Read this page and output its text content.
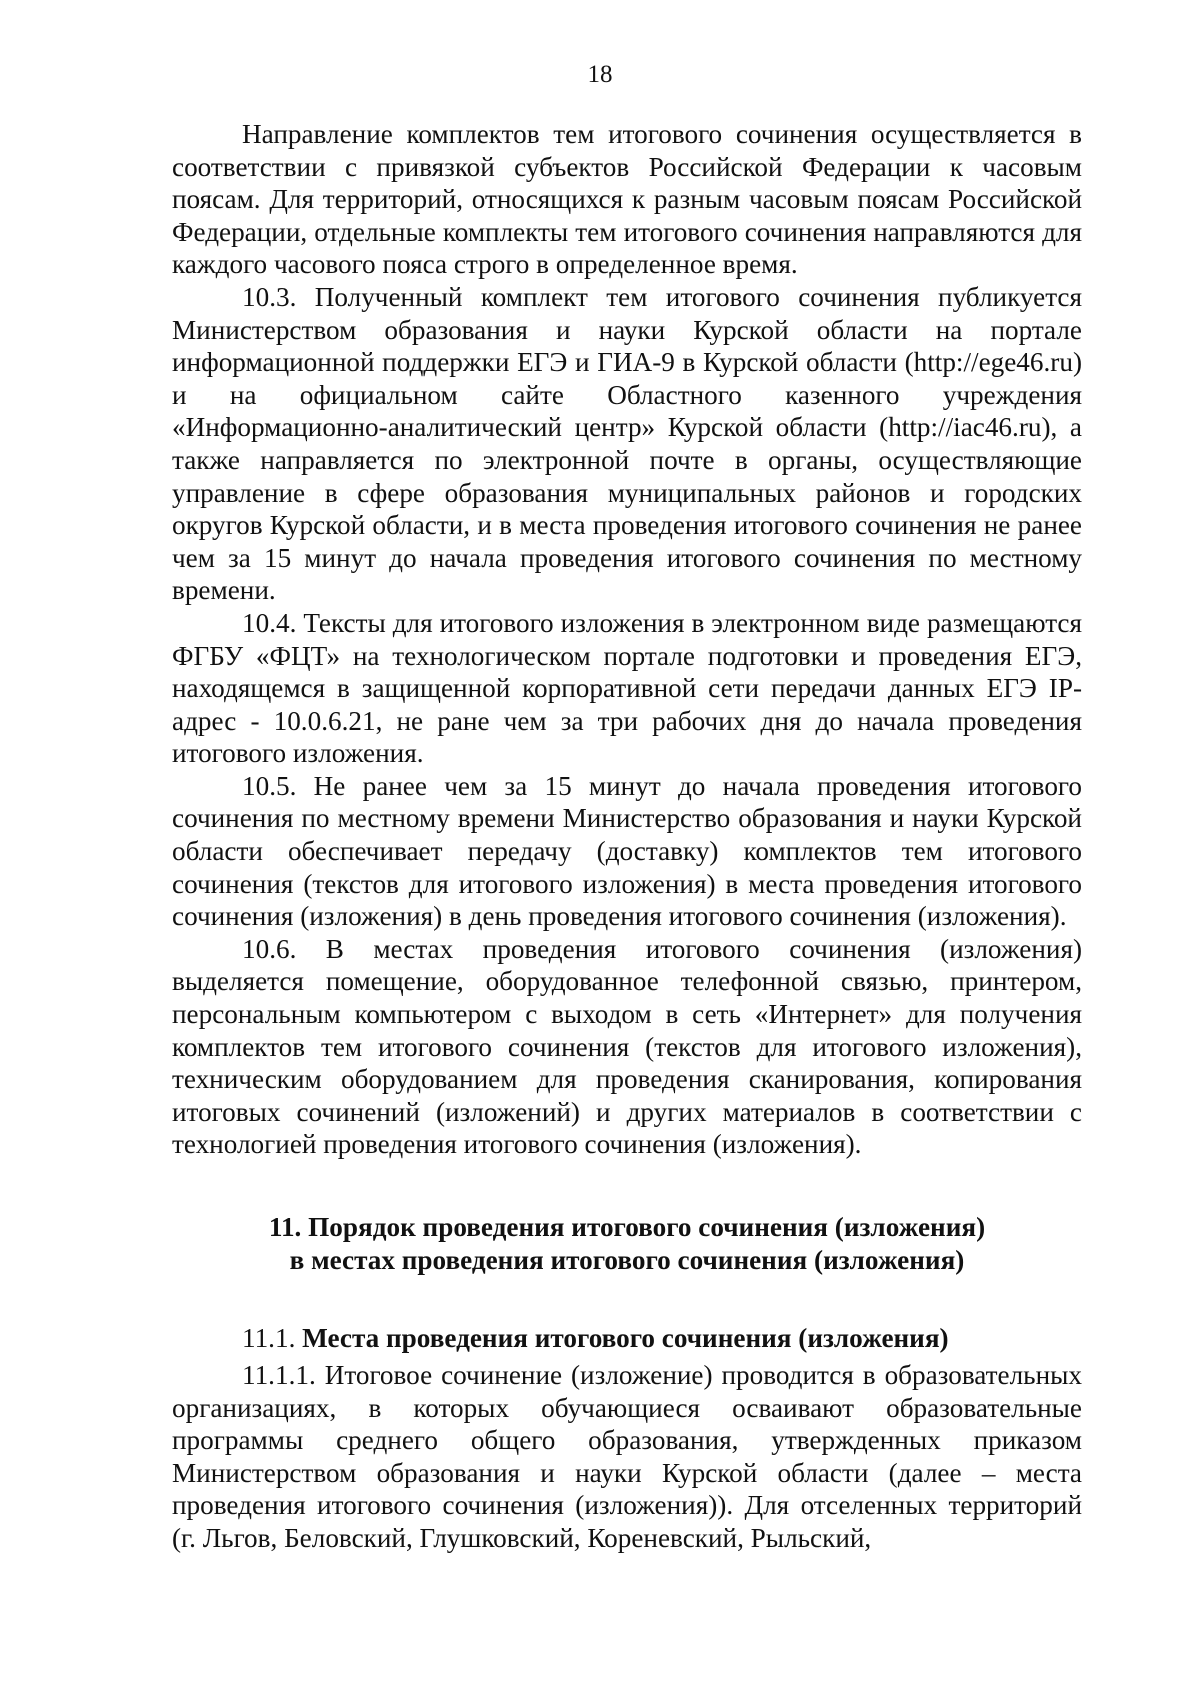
18

Направление комплектов тем итогового сочинения осуществляется в соответствии с привязкой субъектов Российской Федерации к часовым поясам. Для территорий, относящихся к разным часовым поясам Российской Федерации, отдельные комплекты тем итогового сочинения направляются для каждого часового пояса строго в определенное время.

10.3. Полученный комплект тем итогового сочинения публикуется Министерством образования и науки Курской области на портале информационной поддержки ЕГЭ и ГИА-9 в Курской области (http://ege46.ru) и на официальном сайте Областного казенного учреждения «Информационно-аналитический центр» Курской области (http://iac46.ru), а также направляется по электронной почте в органы, осуществляющие управление в сфере образования муниципальных районов и городских округов Курской области, и в места проведения итогового сочинения не ранее чем за 15 минут до начала проведения итогового сочинения по местному времени.

10.4. Тексты для итогового изложения в электронном виде размещаются ФГБУ «ФЦТ» на технологическом портале подготовки и проведения ЕГЭ, находящемся в защищенной корпоративной сети передачи данных ЕГЭ IP-адрес - 10.0.6.21, не ране чем за три рабочих дня до начала проведения итогового изложения.

10.5. Не ранее чем за 15 минут до начала проведения итогового сочинения по местному времени Министерство образования и науки Курской области обеспечивает передачу (доставку) комплектов тем итогового сочинения (текстов для итогового изложения) в места проведения итогового сочинения (изложения) в день проведения итогового сочинения (изложения).

10.6. В местах проведения итогового сочинения (изложения) выделяется помещение, оборудованное телефонной связью, принтером, персональным компьютером с выходом в сеть «Интернет» для получения комплектов тем итогового сочинения (текстов для итогового изложения), техническим оборудованием для проведения сканирования, копирования итоговых сочинений (изложений) и других материалов в соответствии с технологией проведения итогового сочинения (изложения).

11. Порядок проведения итогового сочинения (изложения)
в местах проведения итогового сочинения (изложения)
11.1. Места проведения итогового сочинения (изложения)

11.1.1. Итоговое сочинение (изложение) проводится в образовательных организациях, в которых обучающиеся осваивают образовательные программы среднего общего образования, утвержденных приказом Министерством образования и науки Курской области (далее – места проведения итогового сочинения (изложения)). Для отселенных территорий (г. Льгов, Беловский, Глушковский, Кореневский, Рыльский,
